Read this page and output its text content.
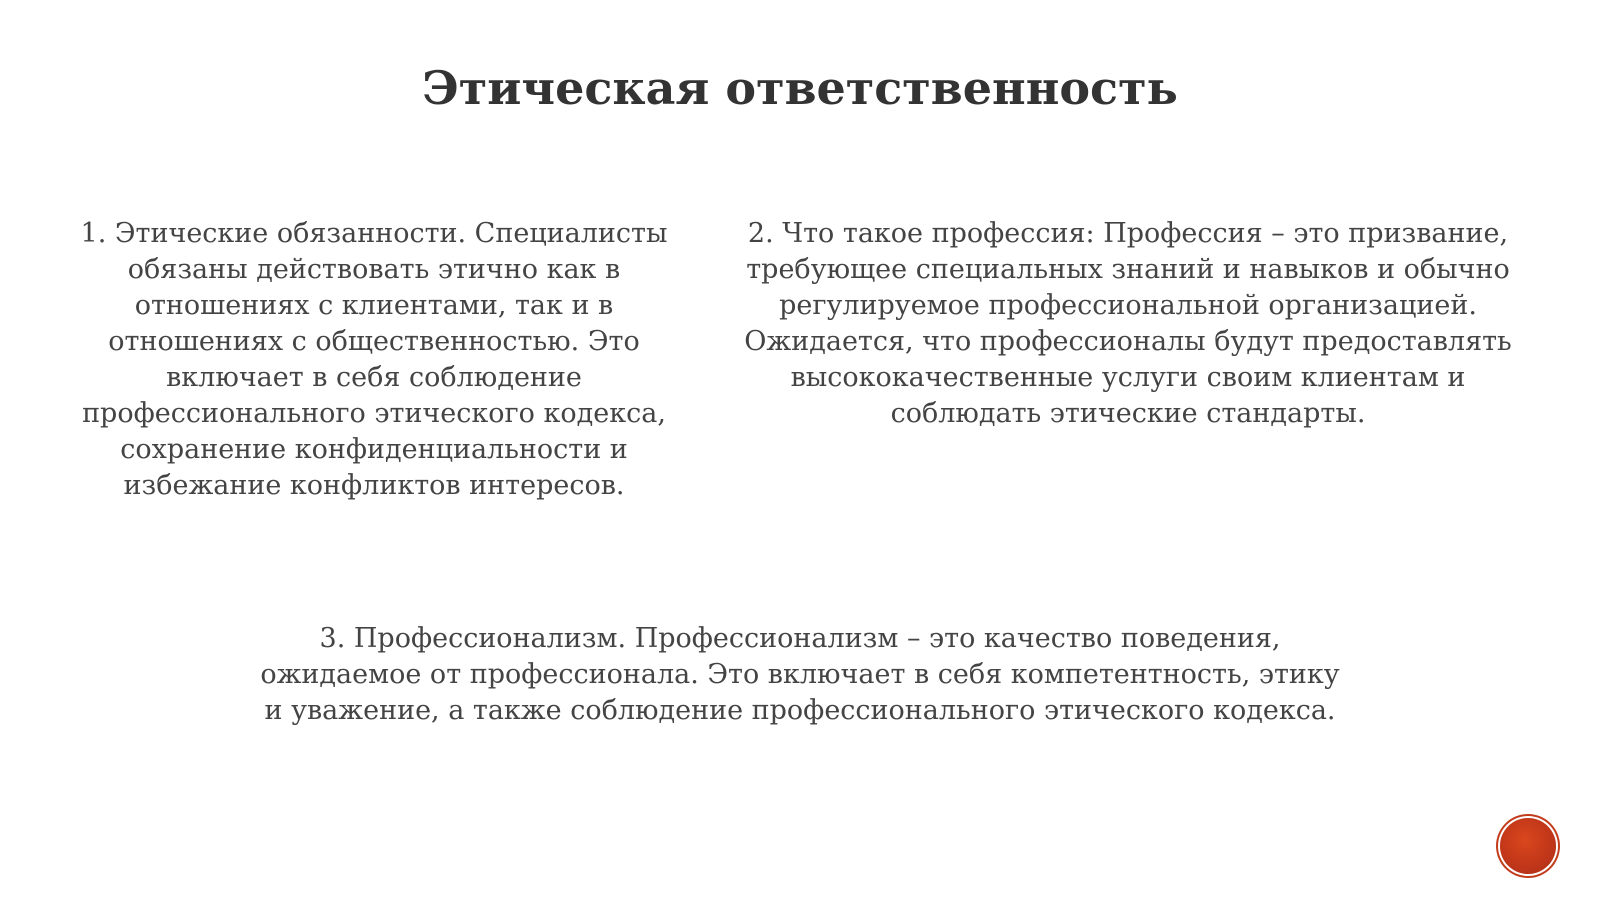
Этическая ответственность

1. Этические обязанности. Специалисты обязаны действовать этично как в отношениях с клиентами, так и в отношениях с общественностью. Это включает в себя соблюдение профессионального этического кодекса, сохранение конфиденциальности и избежание конфликтов интересов.

2. Что такое профессия: Профессия – это призвание, требующее специальных знаний и навыков и обычно регулируемое профессиональной организацией. Ожидается, что профессионалы будут предоставлять высококачественные услуги своим клиентам и соблюдать этические стандарты.

3. Профессионализм. Профессионализм – это качество поведения, ожидаемое от профессионала. Это включает в себя компетентность, этику и уважение, а также соблюдение профессионального этического кодекса.
